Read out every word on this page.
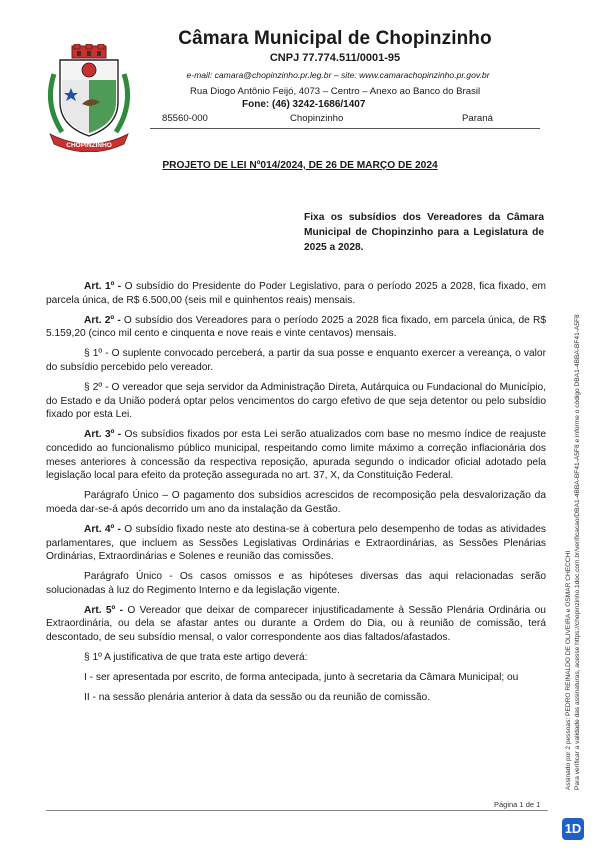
CHOPINZINHO
Câmara Municipal de Chopinzinho
CNPJ 77.774.511/0001-95
e-mail: camara@chopinzinho.pr.leg.br – site: www.camarachopinzinho.pr.gov.br
Rua Diogo Antônio Feijó, 4073 – Centro – Anexo ao Banco do Brasil
Fone: (46) 3242-1686/1407
85560-000	Chopinzinho	Paraná
PROJETO DE LEI Nº014/2024, DE 26 DE MARÇO DE 2024
Fixa os subsídios dos Vereadores da Câmara Municipal de Chopinzinho para a Legislatura de 2025 a 2028.

Art. 1º - O subsídio do Presidente do Poder Legislativo, para o período 2025 a 2028, fica fixado, em parcela única, de R$ 6.500,00 (seis mil e quinhentos reais) mensais.

Art. 2º - O subsídio dos Vereadores para o período 2025 a 2028 fica fixado, em parcela única, de R$ 5.159,20 (cinco mil cento e cinquenta e nove reais e vinte centavos) mensais.

§ 1º - O suplente convocado perceberá, a partir da sua posse e enquanto exercer a vereança, o valor do subsídio percebido pelo vereador.

§ 2º - O vereador que seja servidor da Administração Direta, Autárquica ou Fundacional do Município, do Estado e da União poderá optar pelos vencimentos do cargo efetivo de que seja detentor ou pelo subsídio fixado por esta Lei.

Art. 3º - Os subsídios fixados por esta Lei serão atualizados com base no mesmo índice de reajuste concedido ao funcionalismo público municipal, respeitando como limite máximo a correção inflacionária dos meses anteriores à concessão da respectiva reposição, apurada segundo o indicador oficial adotado pela legislação local para efeito da proteção assegurada no art. 37, X, da Constituição Federal.

Parágrafo Único – O pagamento dos subsídios acrescidos de recomposição pela desvalorização da moeda dar-se-á após decorrido um ano da instalação da Gestão.

Art. 4º - O subsídio fixado neste ato destina-se à cobertura pelo desempenho de todas as atividades parlamentares, que incluem as Sessões Legislativas Ordinárias e Extraordinárias, as Sessões Plenárias Ordinárias, Extraordinárias e Solenes e reunião das comissões.

Parágrafo Único - Os casos omissos e as hipóteses diversas das aqui relacionadas serão solucionadas à luz do Regimento Interno e da legislação vigente.

Art. 5º - O Vereador que deixar de comparecer injustificadamente à Sessão Plenária Ordinária ou Extraordinária, ou dela se afastar antes ou durante a Ordem do Dia, ou à reunião de comissão, terá descontado, de seu subsídio mensal, o valor correspondente aos dias faltados/afastados.

§ 1º A justificativa de que trata este artigo deverá:

I - ser apresentada por escrito, de forma antecipada, junto à secretaria da Câmara Municipal; ou

II - na sessão plenária anterior à data da sessão ou da reunião de comissão.

Página 1 de 1
Assinado por 2 pessoas: PEDRO REINALDO DE OLIVEIRA e OSMAR CHECCHI Para verificar a validade das assinaturas, acesse https://chopinzinho.1doc.com.br/verificacao/DBA1-4BBA-BF41-A5F8 e informe o código DBA1-4BBA-BF41-A5F8
1D
